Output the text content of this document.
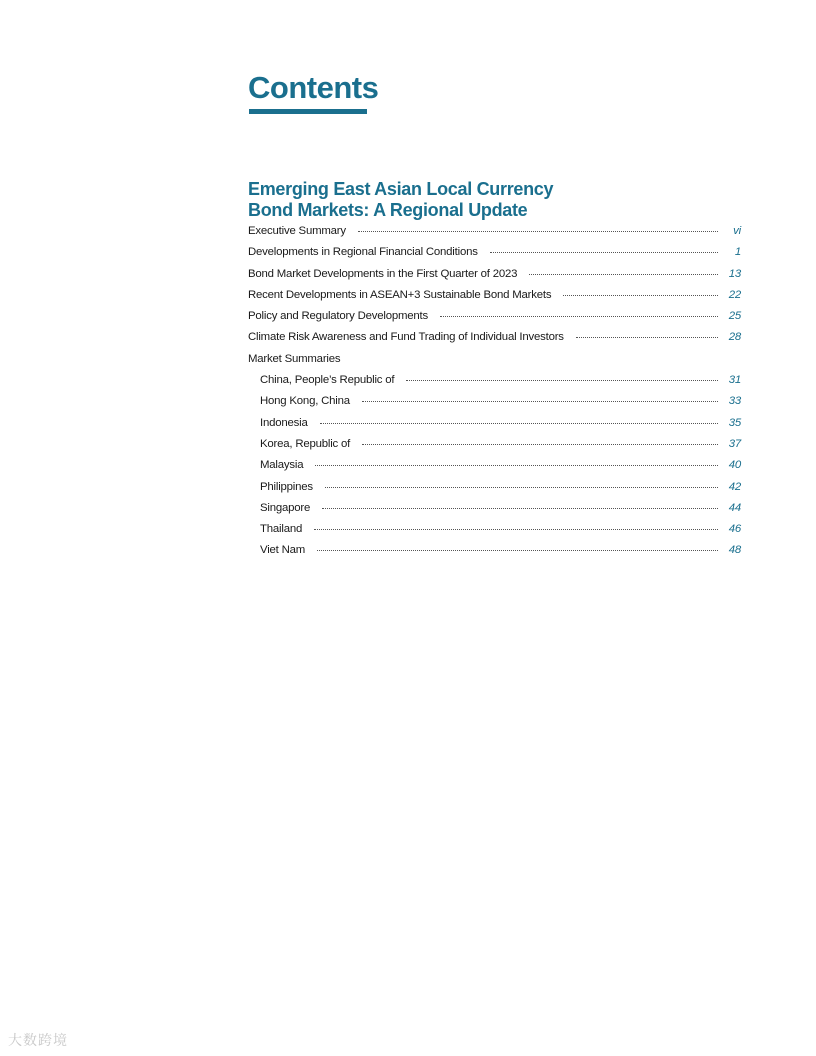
Contents
Emerging East Asian Local Currency
Bond Markets: A Regional Update
Executive Summary	vi
Developments in Regional Financial Conditions	1
Bond Market Developments in the First Quarter of 2023	13
Recent Developments in ASEAN+3 Sustainable Bond Markets	22
Policy and Regulatory Developments	25
Climate Risk Awareness and Fund Trading of Individual Investors	28
Market Summaries
China, People’s Republic of	31
Hong Kong, China	33
Indonesia	35
Korea, Republic of	37
Malaysia	40
Philippines	42
Singapore	44
Thailand	46
Viet Nam	48
大数跨境
